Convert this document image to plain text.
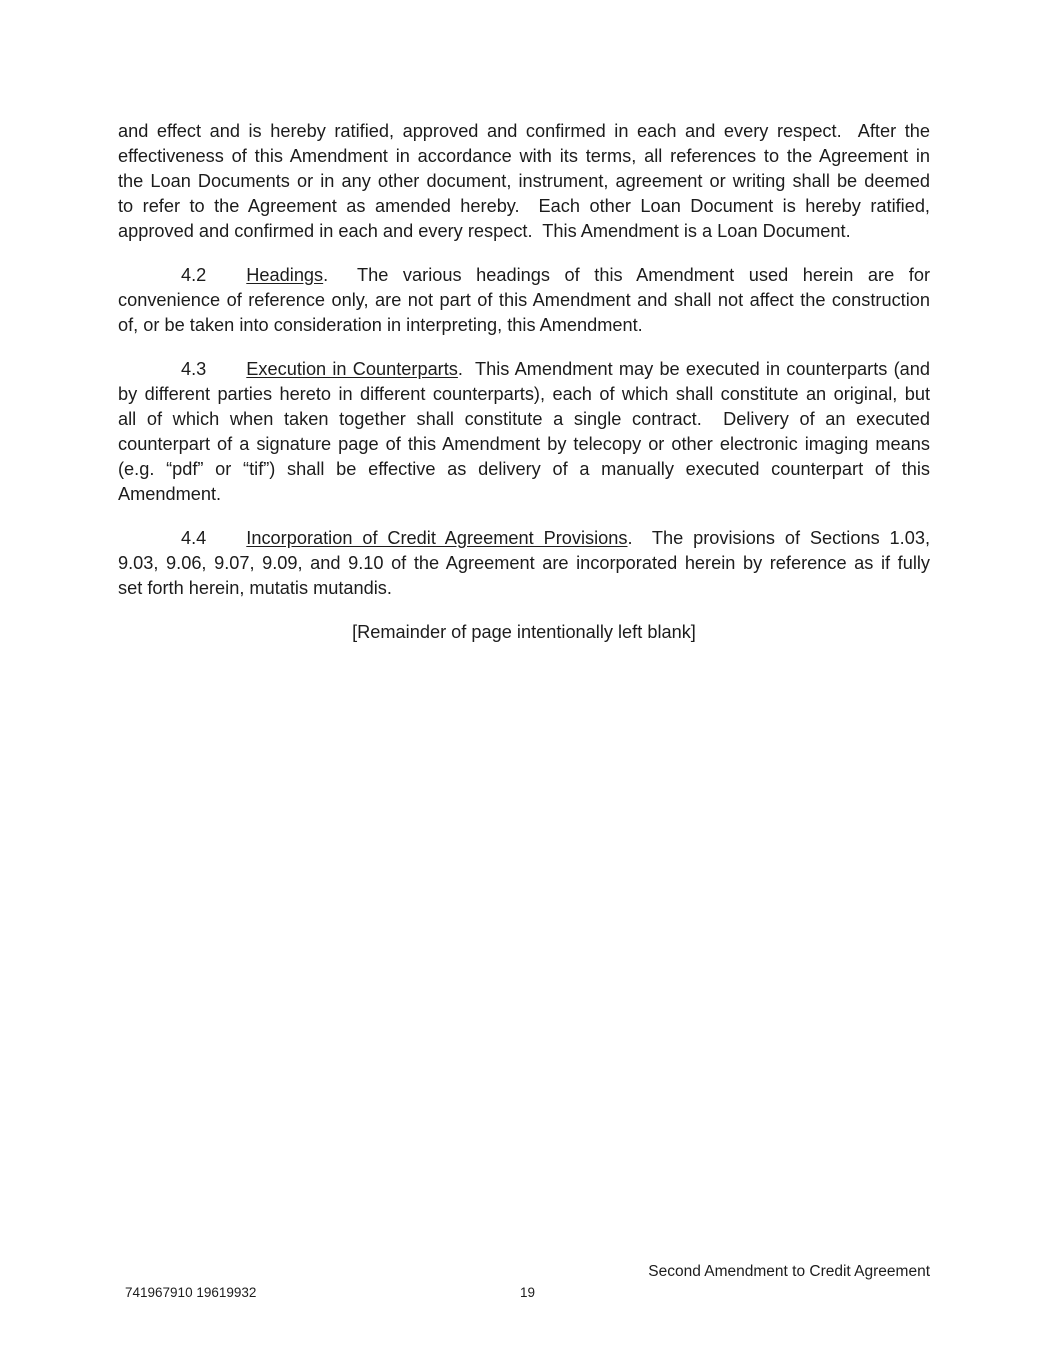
and effect and is hereby ratified, approved and confirmed in each and every respect.  After the
effectiveness of this Amendment in accordance with its terms, all references to the Agreement in
the Loan Documents or in any other document, instrument, agreement or writing shall be deemed
to refer to the Agreement as amended hereby.  Each other Loan Document is hereby ratified,
approved and confirmed in each and every respect.  This Amendment is a Loan Document.
4.2 Headings.  The various headings of this Amendment used herein are for
convenience of reference only, are not part of this Amendment and shall not affect the construction
of, or be taken into consideration in interpreting, this Amendment.
4.3 Execution in Counterparts.  This Amendment may be executed in counterparts (and
by different parties hereto in different counterparts), each of which shall constitute an original, but
all of which when taken together shall constitute a single contract.  Delivery of an executed
counterpart of a signature page of this Amendment by telecopy or other electronic imaging means
(e.g. “pdf” or “tif”) shall be effective as delivery of a manually executed counterpart of this
Amendment.
4.4 Incorporation of Credit Agreement Provisions.  The provisions of Sections 1.03,
9.03, 9.06, 9.07, 9.09, and 9.10 of the Agreement are incorporated herein by reference as if fully
set forth herein, mutatis mutandis.
[Remainder of page intentionally left blank]
Second Amendment to Credit Agreement
741967910 19619932	19
